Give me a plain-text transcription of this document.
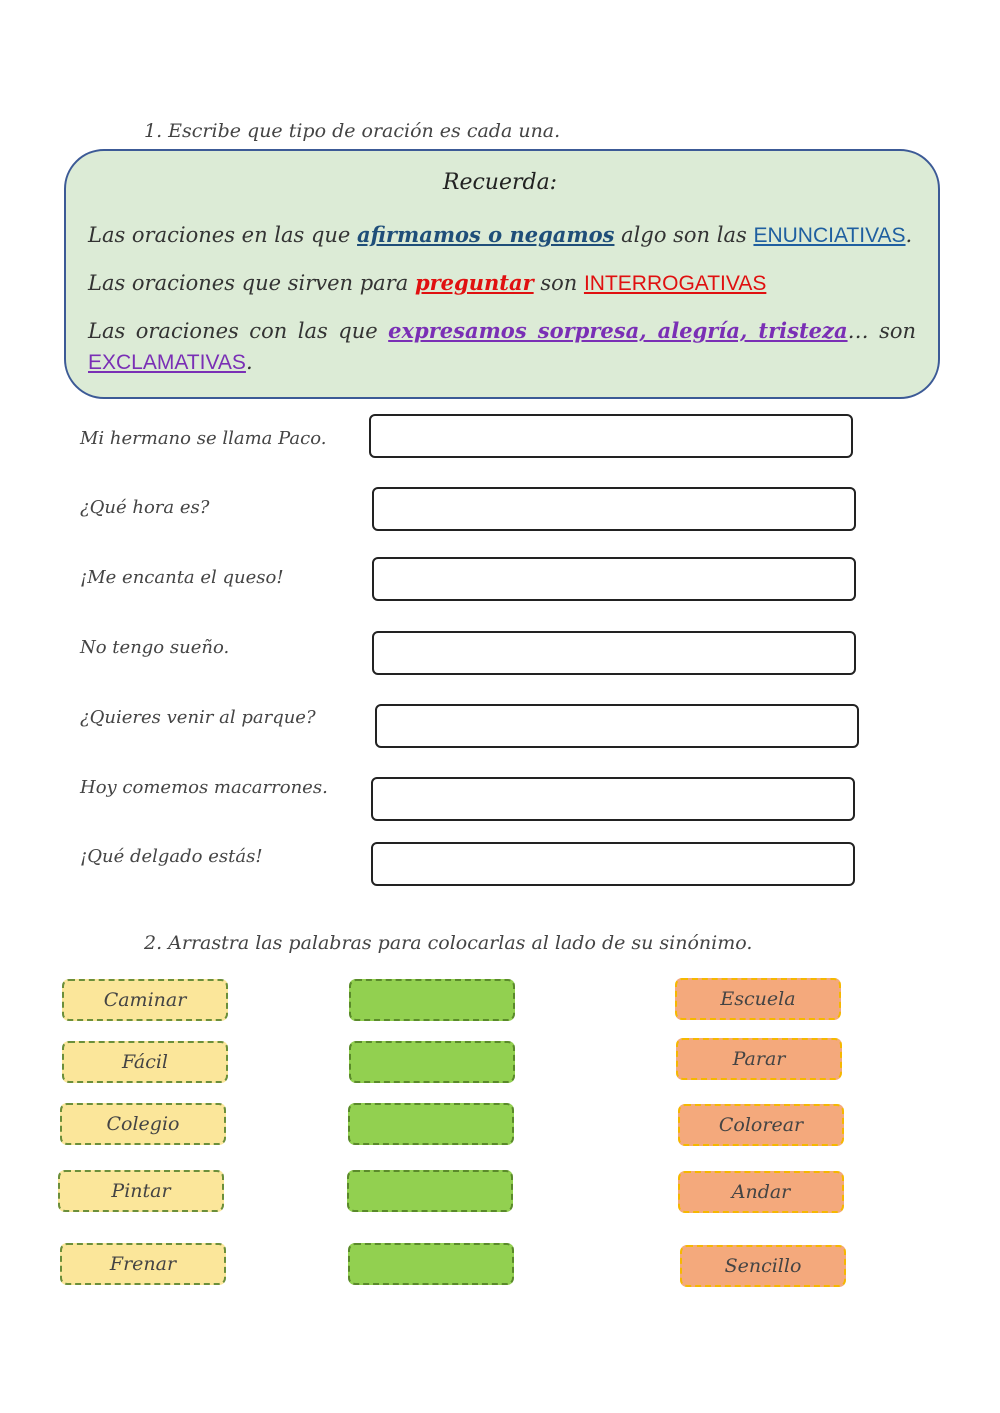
1. Escribe que tipo de oración es cada una.
Recuerda:
Las oraciones en las que afirmamos o negamos algo son las ENUNCIATIVAS.
Las oraciones que sirven para preguntar son INTERROGATIVAS
Las oraciones con las que expresamos sorpresa, alegría, tristeza… son
EXCLAMATIVAS.
Mi hermano se llama Paco.
¿Qué hora es?
¡Me encanta el queso!
No tengo sueño.
¿Quieres venir al parque?
Hoy comemos macarrones.
¡Qué delgado estás!
2. Arrastra las palabras para colocarlas al lado de su sinónimo.
Caminar
Fácil
Colegio
Pintar
Frenar
Escuela
Parar
Colorear
Andar
Sencillo
